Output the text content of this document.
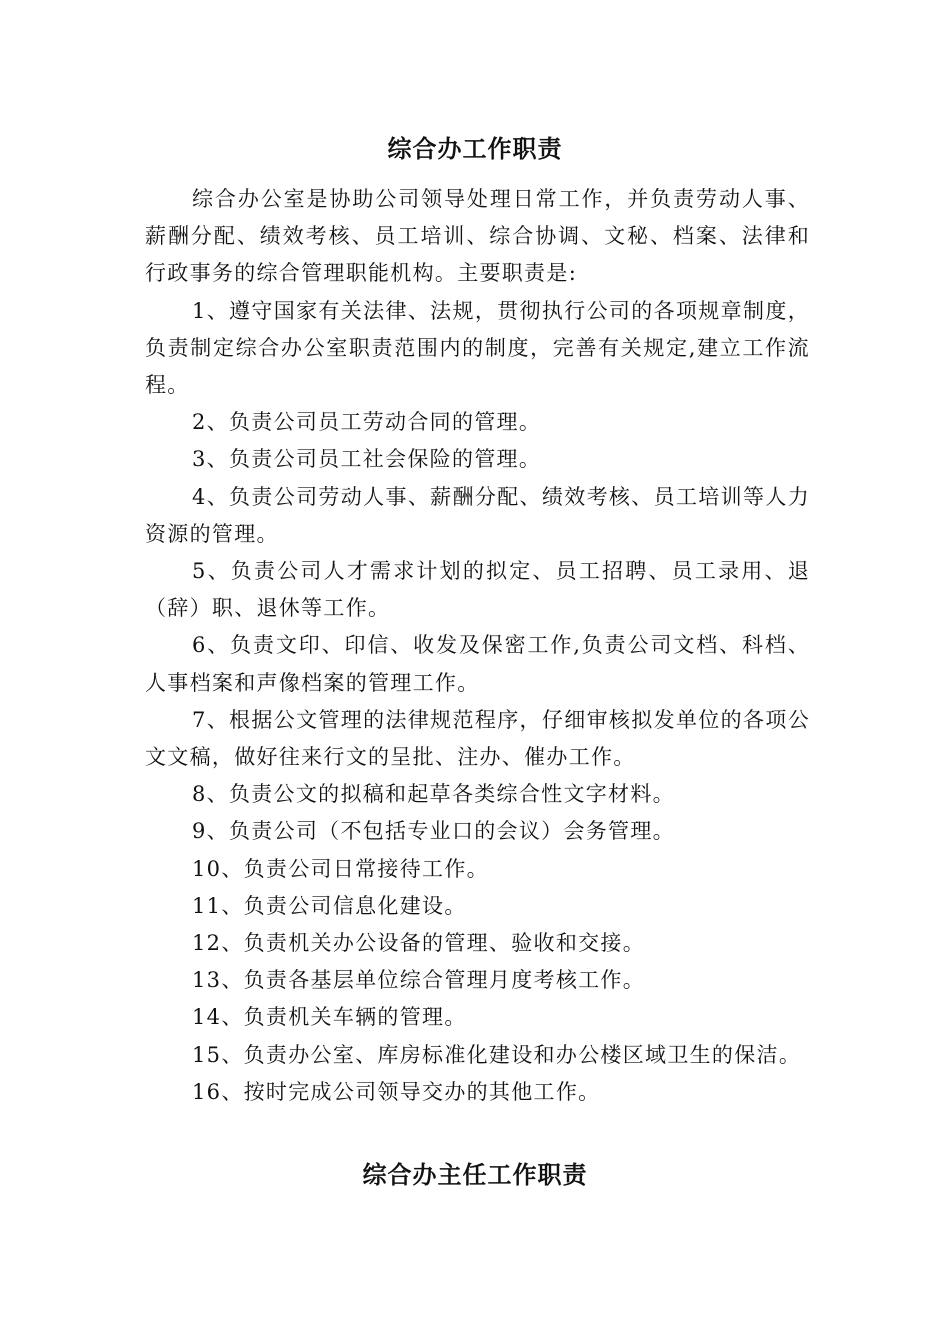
综合办工作职责

综合办公室是协助公司领导处理日常工作，并负责劳动人事、薪酬分配、绩效考核、员工培训、综合协调、文秘、档案、法律和行政事务的综合管理职能机构。主要职责是:

1、遵守国家有关法律、法规，贯彻执行公司的各项规章制度，负责制定综合办公室职责范围内的制度，完善有关规定,建立工作流程。

2、负责公司员工劳动合同的管理。

3、负责公司员工社会保险的管理。

4、负责公司劳动人事、薪酬分配、绩效考核、员工培训等人力资源的管理。

5、负责公司人才需求计划的拟定、员工招聘、员工录用、退（辞）职、退休等工作。

6、负责文印、印信、收发及保密工作,负责公司文档、科档、人事档案和声像档案的管理工作。

7、根据公文管理的法律规范程序，仔细审核拟发单位的各项公文文稿，做好往来行文的呈批、注办、催办工作。

8、负责公文的拟稿和起草各类综合性文字材料。

9、负责公司（不包括专业口的会议）会务管理。

10、负责公司日常接待工作。

11、负责公司信息化建设。

12、负责机关办公设备的管理、验收和交接。

13、负责各基层单位综合管理月度考核工作。

14、负责机关车辆的管理。

15、负责办公室、库房标准化建设和办公楼区域卫生的保洁。

16、按时完成公司领导交办的其他工作。

综合办主任工作职责
